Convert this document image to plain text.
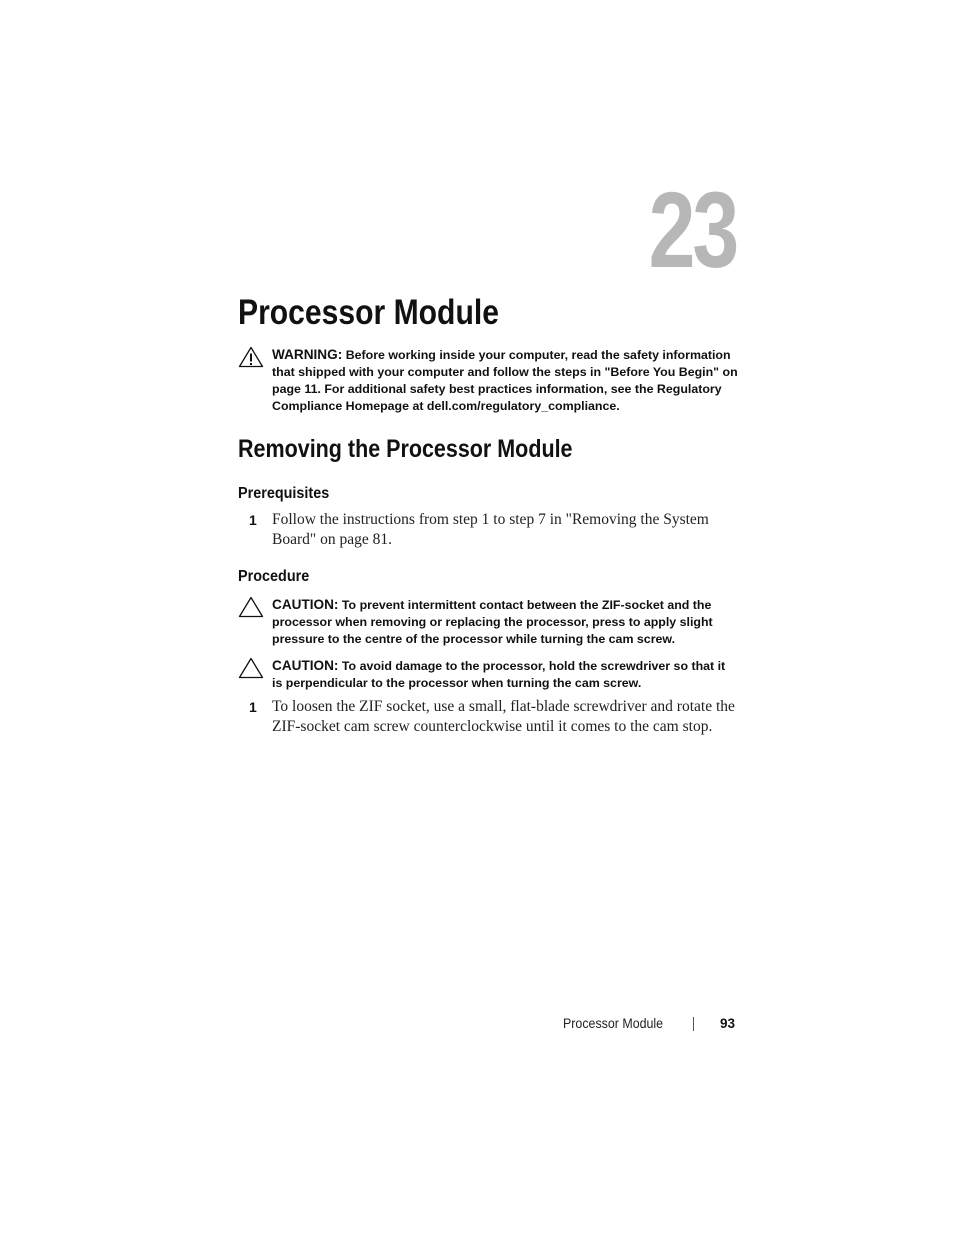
23
Processor Module
WARNING: Before working inside your computer, read the safety information that shipped with your computer and follow the steps in "Before You Begin" on page 11. For additional safety best practices information, see the Regulatory Compliance Homepage at dell.com/regulatory_compliance.
Removing the Processor Module
Prerequisites
1 Follow the instructions from step 1 to step 7 in "Removing the System Board" on page 81.
Procedure
CAUTION: To prevent intermittent contact between the ZIF-socket and the processor when removing or replacing the processor, press to apply slight pressure to the centre of the processor while turning the cam screw.
CAUTION: To avoid damage to the processor, hold the screwdriver so that it is perpendicular to the processor when turning the cam screw.
1 To loosen the ZIF socket, use a small, flat-blade screwdriver and rotate the ZIF-socket cam screw counterclockwise until it comes to the cam stop.
Processor Module	93
